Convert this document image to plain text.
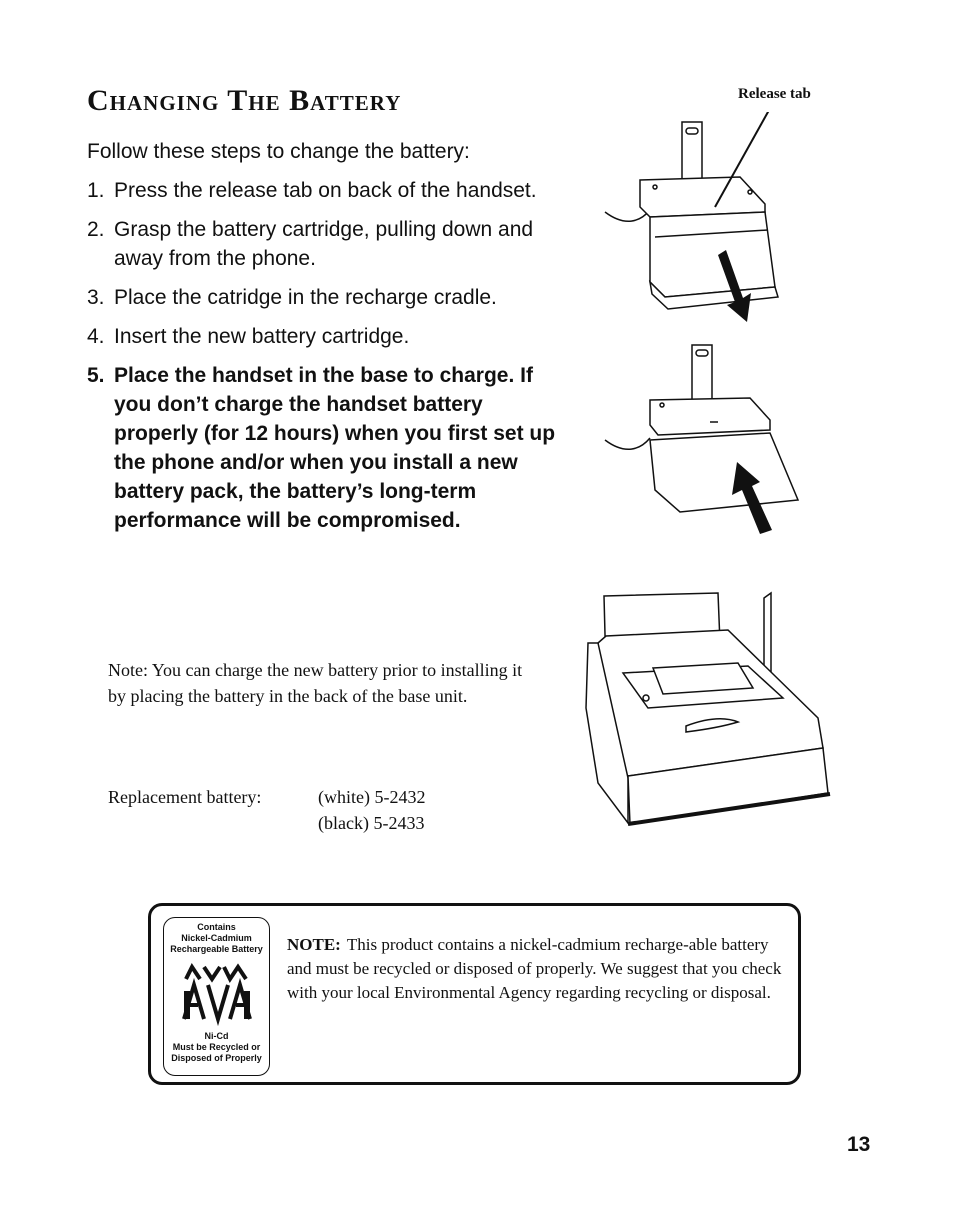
Changing The Battery

Follow these steps to change the battery:

1. Press the release tab on back of the handset.
2. Grasp the battery cartridge, pulling down and away from the phone.
3. Place the catridge in the recharge cradle.
4. Insert the new battery cartridge.
5. Place the handset in the base to charge. If you don’t charge the handset battery properly (for 12 hours) when you first set up the phone and/or when you install a new battery pack, the battery’s long-term performance will be compromised.

Note: You can charge the new battery prior to installing it by placing the battery in the back of the base unit.

Replacement battery:	(white) 5-2432
(black) 5-2433
Release tab
Contains
Nickel-Cadmium
Rechargeable Battery
Ni-Cd
Must be Recycled or
Disposed of Properly

NOTE: This product contains a nickel-cadmium recharge-able battery and must be recycled or disposed of properly. We suggest that you check with your local Environmental Agency regarding recycling or disposal.

13
